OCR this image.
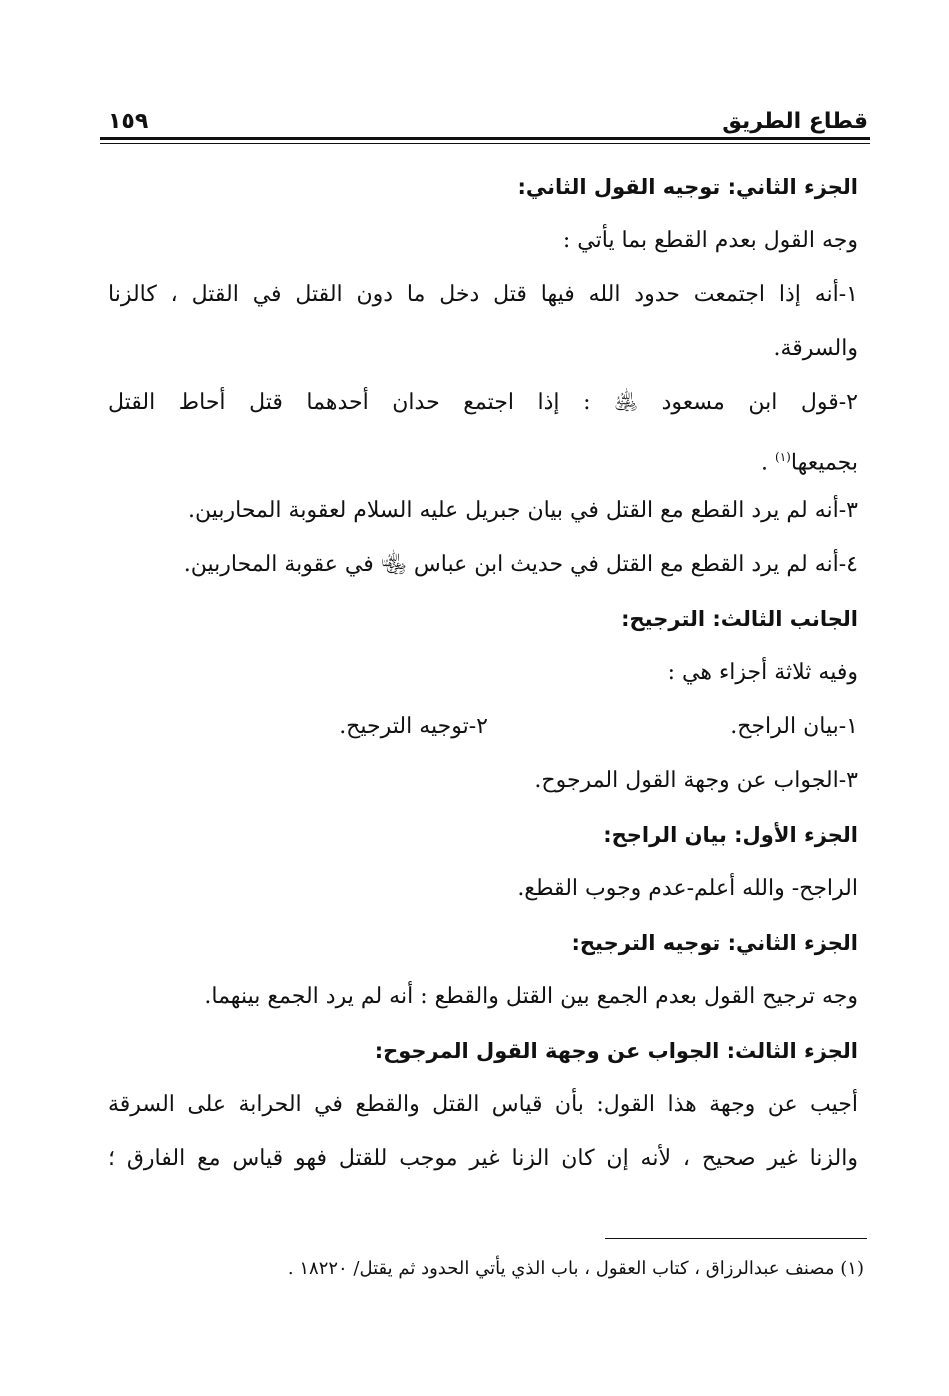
١٥٩	قطاع الطريق
الجزء الثاني: توجيه القول الثاني:
وجه القول بعدم القطع بما يأتي :
١-أنه إذا اجتمعت حدود الله فيها قتل دخل ما دون القتل في القتل ، كالزنا
والسرقة.
٢-قول ابن مسعود ﵁ : إذا اجتمع حدان أحدهما قتل أحاط القتل
بجميعها$^{(١)}$ .
٣-أنه لم يرد القطع مع القتل في بيان جبريل عليه السلام لعقوبة المحاربين.
٤-أنه لم يرد القطع مع القتل في حديث ابن عباس ﵄ في عقوبة المحاربين.
الجانب الثالث: الترجيح:
وفيه ثلاثة أجزاء هي :
١-بيان الراجح.
٢-توجيه الترجيح.
٣-الجواب عن وجهة القول المرجوح.
الجزء الأول: بيان الراجح:
الراجح- والله أعلم-عدم وجوب القطع.
الجزء الثاني: توجيه الترجيح:
وجه ترجيح القول بعدم الجمع بين القتل والقطع : أنه لم يرد الجمع بينهما.
الجزء الثالث: الجواب عن وجهة القول المرجوح:
أجيب عن وجهة هذا القول: بأن قياس القتل والقطع في الحرابة على السرقة
والزنا غير صحيح ، لأنه إن كان الزنا غير موجب للقتل فهو قياس مع الفارق ؛
(١) مصنف عبدالرزاق ، كتاب العقول ، باب الذي يأتي الحدود ثم يقتل/ ١٨٢٢٠ .
